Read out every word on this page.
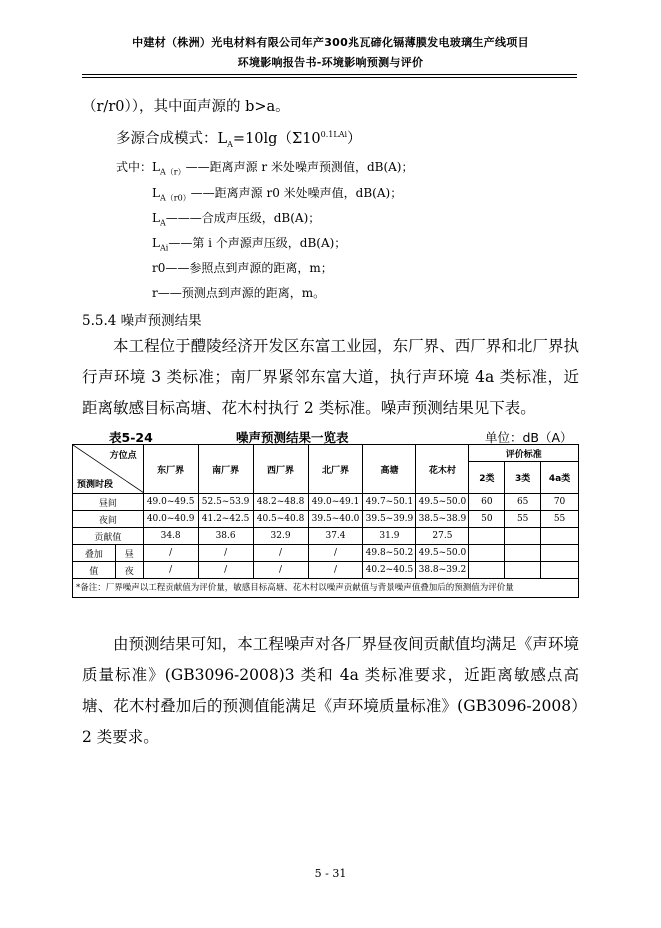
中建材（株洲）光电材料有限公司年产300兆瓦碲化镉薄膜发电玻璃生产线项目
环境影响报告书-环境影响预测与评价
（r/r0）），其中面声源的 b>a。
多源合成模式：$L_A=10\lg(\Sigma 10^{0.1LAi})$
式中：$L_{A(r)}——$距离声源 r 米处噪声预测值，dB(A)；
$L_{A(r0)}——$距离声源 r0 米处噪声值，dB(A)；
$L_A———$合成声压级，dB(A)；
$L_{Ai}——$第 i 个声源声压级，dB(A)；
r0——参照点到声源的距离，m；
r——预测点到声源的距离，m。
5.5.4 噪声预测结果

本工程位于醴陵经济开发区东富工业园，东厂界、西厂界和北厂界执行声环境 3 类标准；南厂界紧邻东富大道，执行声环境 4a 类标准，近距离敏感目标高塘、花木村执行 2 类标准。噪声预测结果见下表。

表5-24	噪声预测结果一览表	单位：dB（A）
方位点
预测时段		东厂界	南厂界	西厂界	北厂界	高塘	花木村	评价标准		
								2类	3类	4a类
昼间		49.0~49.5	52.5~53.9	48.2~48.8	49.0~49.1	49.7~50.1	49.5~50.0	60	65	70
夜间		40.0~40.9	41.2~42.5	40.5~40.8	39.5~40.0	39.5~39.9	38.5~38.9	50	55	55
贡献值		34.8	38.6	32.9	37.4	31.9	27.5			
叠加	昼	/	/	/	/	49.8~50.2	49.5~50.0			
值	夜	/	/	/	/	40.2~40.5	38.8~39.2			
*备注：厂界噪声以工程贡献值为评价量，敏感目标高塘、花木村以噪声贡献值与背景噪声值叠加后的预测值为评价量										

由预测结果可知，本工程噪声对各厂界昼夜间贡献值均满足《声环境质量标准》(GB3096-2008)3 类和 4a 类标准要求，近距离敏感点高塘、花木村叠加后的预测值能满足《声环境质量标准》(GB3096-2008）2 类要求。

5 - 31
